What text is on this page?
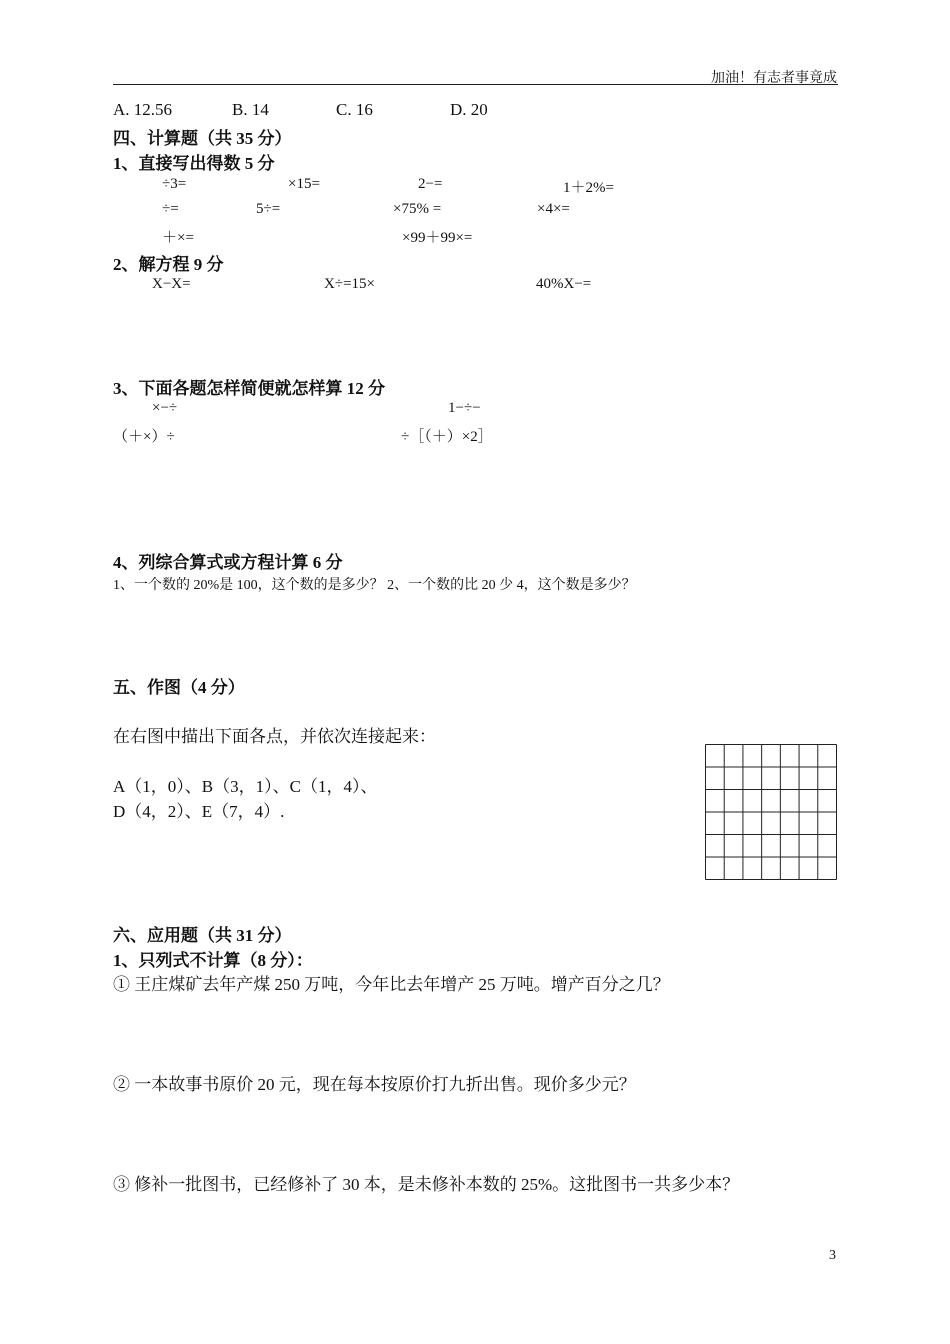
加油！有志者事竟成
A. 12.56	B. 14	C. 16	D. 20
四、计算题（共 35 分）
1、直接写出得数 5 分
÷3=	×15=	2−=	1＋2%=
÷=	5÷=	×75% =	×4×=
＋×=	×99＋99×=
2、解方程 9 分
X−X=	X÷=15×	40%X−=
3、下面各题怎样简便就怎样算 12 分
×−÷	1−÷−
（＋×）÷	÷［（＋）×2］
4、列综合算式或方程计算 6 分
1、一个数的 20%是 100，这个数的是多少？ 2、一个数的比 20 少 4，这个数是多少？
五、作图（4 分）
在右图中描出下面各点，并依次连接起来：
A（1，0）、B（3，1）、C（1，4）、
D（4，2）、E（7，4）.
六、应用题（共 31 分）
1、只列式不计算（8 分）：
① 王庄煤矿去年产煤 250 万吨，今年比去年增产 25 万吨。增产百分之几？
② 一本故事书原价 20 元，现在每本按原价打九折出售。现价多少元？
③ 修补一批图书，已经修补了 30 本，是未修补本数的 25%。这批图书一共多少本？
3
